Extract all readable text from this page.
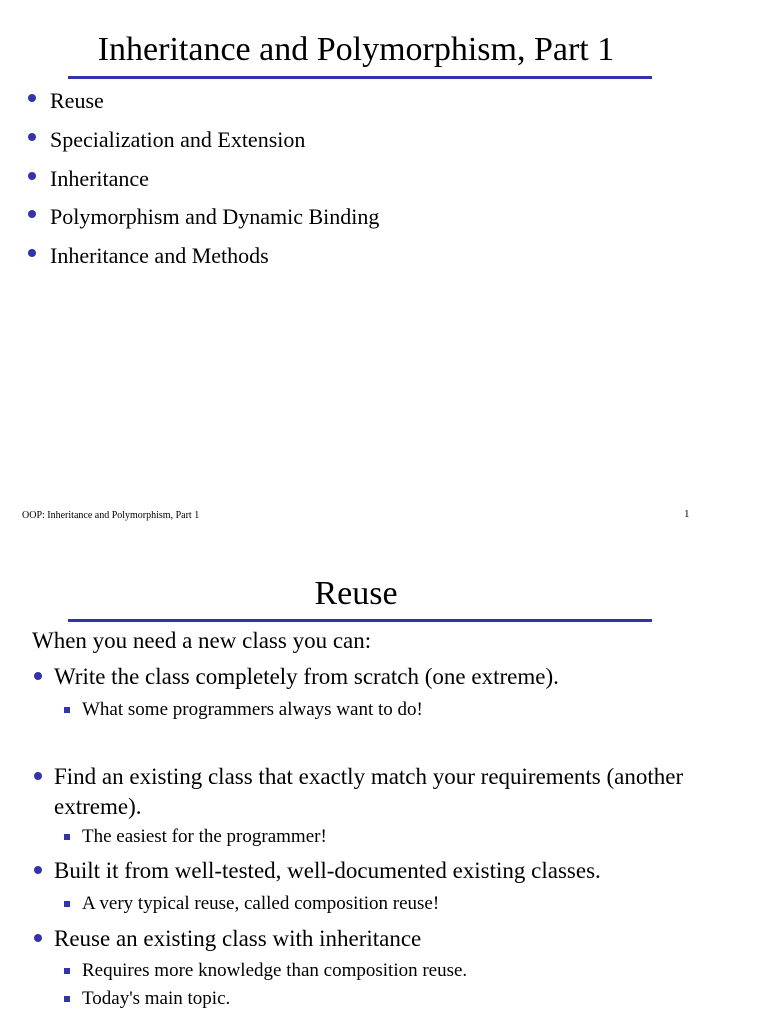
Inheritance and Polymorphism, Part 1
Reuse
Specialization and Extension
Inheritance
Polymorphism and Dynamic Binding
Inheritance and Methods
OOP: Inheritance and Polymorphism, Part 1	1
Reuse
When you need a new class you can:
Write the class completely from scratch (one extreme).
What some programmers always want to do!
Find an existing class that exactly match your requirements (another extreme).
The easiest for the programmer!
Built it from well-tested, well-documented existing classes.
A very typical reuse, called composition reuse!
Reuse an existing class with inheritance
Requires more knowledge than composition reuse.
Today's main topic.
